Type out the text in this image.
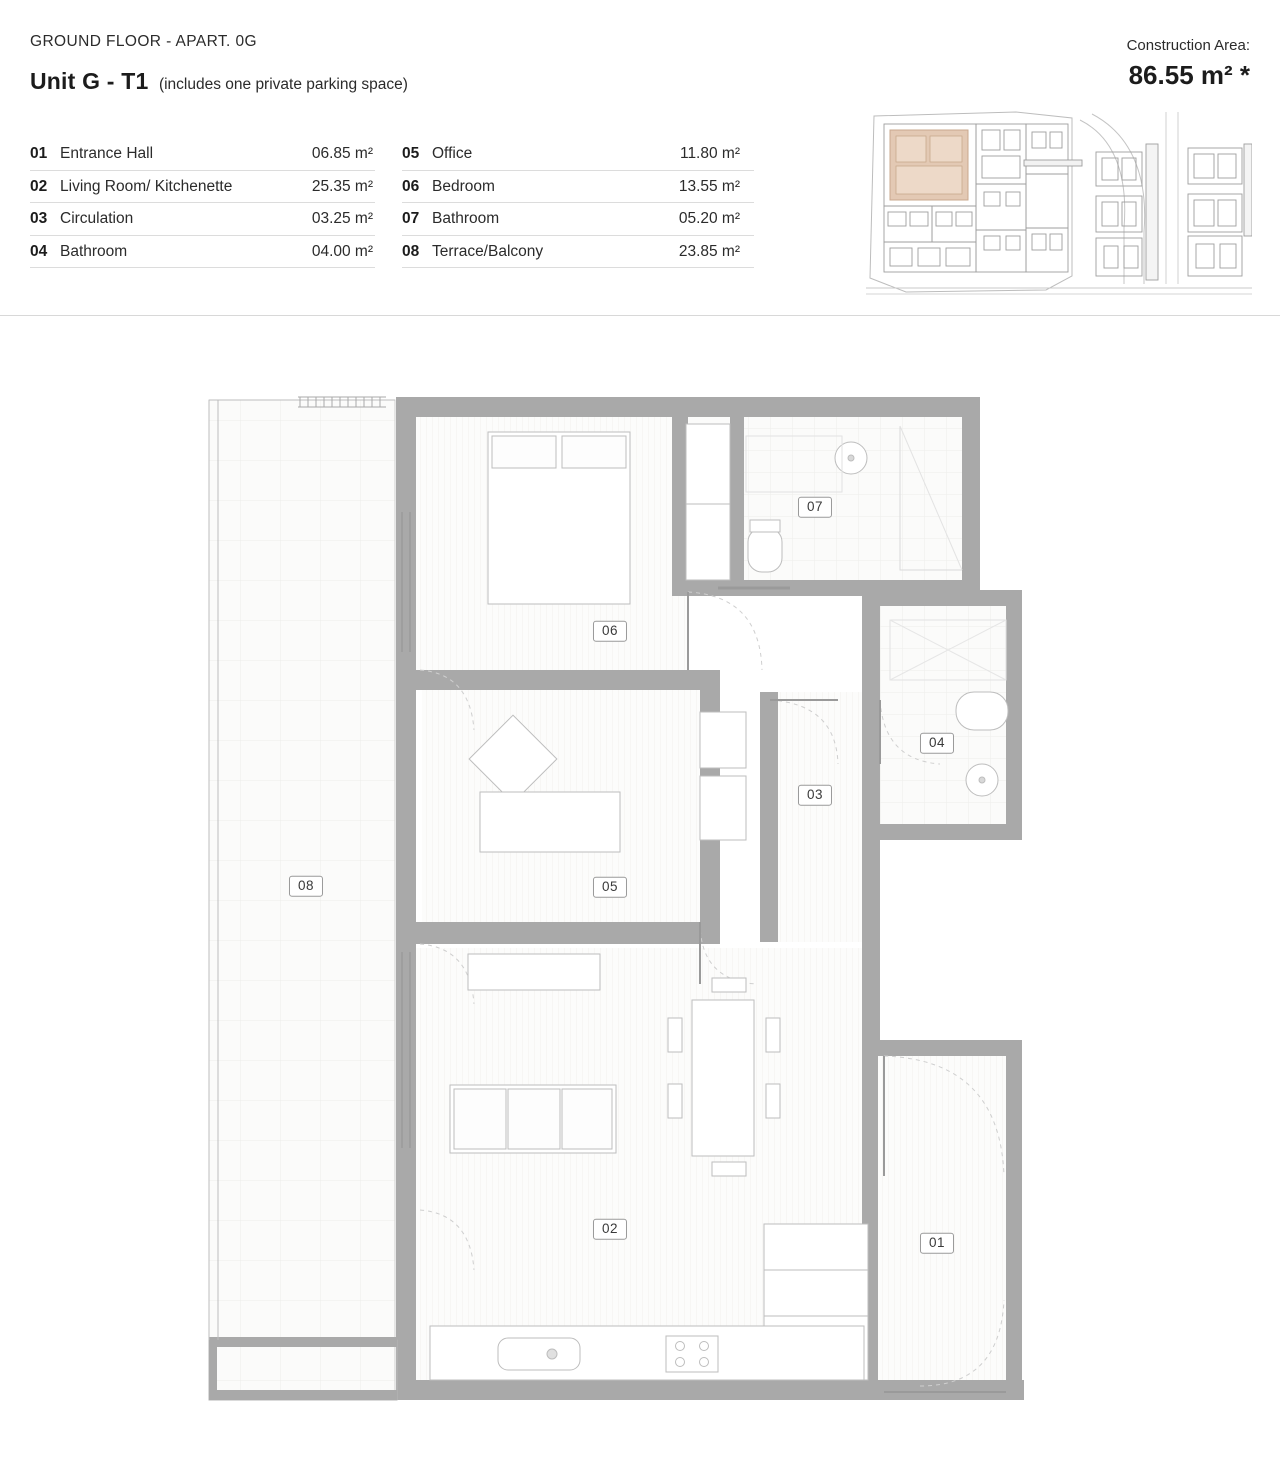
GROUND FLOOR - APART. 0G
Unit G - T1 (includes one private parking space)
Construction Area:
86.55 m² *
01 Entrance Hall	06.85 m²
02 Living Room/ Kitchenette	25.35 m²
03 Circulation	03.25 m²
04 Bathroom	04.00 m²
05 Office	11.80 m²
06 Bedroom	13.55 m²
07 Bathroom	05.20 m²
08 Terrace/Balcony	23.85 m²
07
06
04
03
08	05
02
01
